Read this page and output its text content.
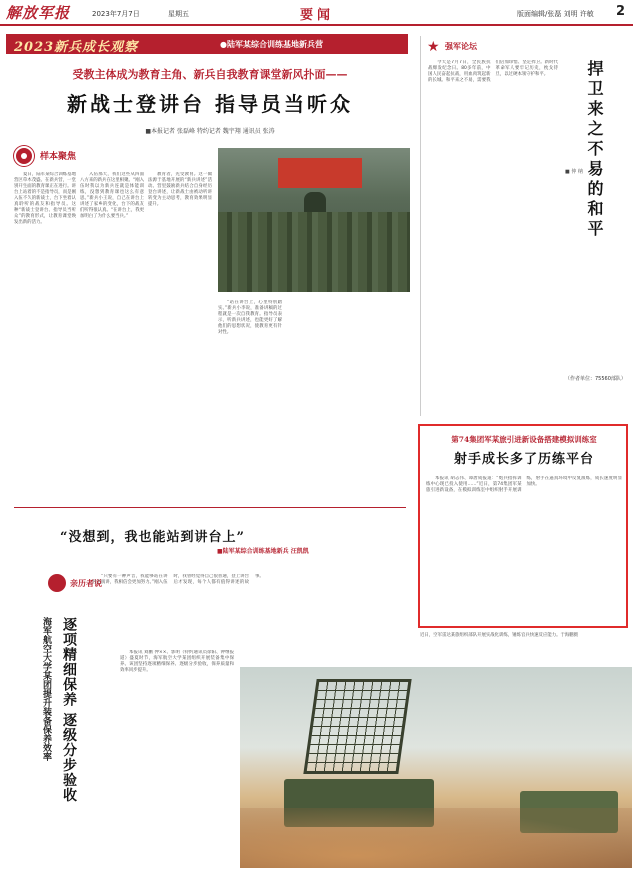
解放军报	2023年7月7日	星期五	要闻	版面编辑/张磊 刘明 许敏 2
2023新兵成长观察	●陆军某综合训练基地新兵营
受教主体成为教育主角、新兵自我教育课堂新风扑面——
新战士登讲台 指导员当听众
■本报记者 张磊峰 特约记者 魏宇翔 通讯员 张涛
样本聚焦

夏日，陆军某综合训练基地营区草木茂盛。在新兵营，一堂别开生面的教育课正在进行。讲台上站着的不是指导员，而是刚入伍不久的新战士，台下坐着认真聆听的战友和指导员。这种“新战士登讲台、指导员当听众”的教育形式，让教育课堂焕发出新的活力。

入伍那天，我们这些从四面八方来的新兵在这里相聚。“刚入伍时我以为新兵连就是体能训练，没想到教育课也这么有意思。”新兵小王说，自己在讲台上讲述了家乡的变化，台下的战友们听得很认真。“在讲台上，我更加明白了为什么要当兵。”

教育者，先受教育。这一做法源于基地开展的“新兵讲述”活动。营里鼓励新兵结合自身经历登台讲述，让新战士由被动听讲转变为主动思考，教育效果明显提升。

“站在讲台上，心里特别踏实。”新兵小李说，准备讲稿的过程就是一次自我教育。指导员表示，听新兵讲述，也能更好了解他们的思想状况，使教育更有针对性。

“没想到，我也能站到讲台上”
■陆军某综合训练基地新兵 汪凯凯
亲历者说

“只要有一种声音，我能够站在讲台上演讲，我相信会更加努力。”刚入伍时，我曾经觉得自己很普通，登上讲台后才发现，每个人都有值得讲述的故事。

逐项精细保养 逐级分步验收
海军航空大学某团提升装备保养效率	本报讯 刘鹏 仲××、郭明（特约通讯员徐阳、钟继报道）盛夏时节，海军航空大学某团组织开展装备集中保养。该团坚持逐项精细保养、逐级分步验收，保养质量和效率同步提升。

★ 强军论坛
捍卫来之不易的和平
■ 仲 纳

今天是7月7日，全民族抗战爆发纪念日。80多年前，中国人民奋起抗战，用血肉筑起新的长城。和平来之不易，需要我们倍加珍惜、坚定捍卫。新时代革命军人要牢记历史，枕戈待旦，以过硬本领守护和平。

（作者单位：75560部队）
第74集团军某旅引进新设备搭建模拟训练室
射手成长多了历练平台

本报讯 胡志伟、谭唐成报道：“炮兵指挥训练中心现已投入使用……”近日，第74集团军某旅引进新设备，在模拟训练室中组织射手开展训练，射手在逼真环境中反复演练，成长速度明显加快。

近日，空军雷达某旅组织部队开展实战化训练，锤炼官兵快速反应能力。于海鹏摄
